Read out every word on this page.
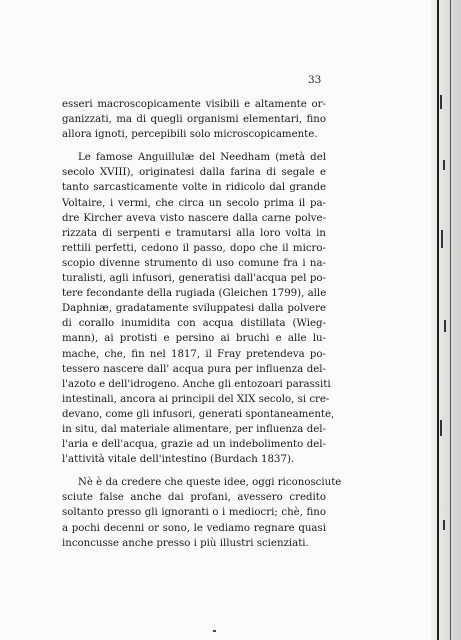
33
esseri macroscopicamente visibili e altamente or-
ganizzati, ma di quegli organismi elementari, fino
allora ignoti, percepibili solo microscopicamente.
Le famose Anguillulæ del Needham (metà del
secolo XVIII), originatesi dalla farina di segale e
tanto sarcasticamente volte in ridicolo dal grande
Voltaire, i vermi, che circa un secolo prima il pa-
dre Kircher aveva visto nascere dalla carne polve-
rizzata di serpenti e tramutarsi alla loro volta in
rettili perfetti, cedono il passo, dopo che il micro-
scopio divenne strumento di uso comune fra i na-
turalisti, agli infusori, generatisi dall'acqua pel po-
tere fecondante della rugiada (Gleichen 1799), alle
Daphniæ, gradatamente sviluppatesi dalla polvere
di corallo inumidita con acqua distillata (Wieg-
mann), ai protisti e persino ai bruchi e alle lu-
mache, che, fin nel 1817, il Fray pretendeva po-
tessero nascere dall' acqua pura per influenza del-
l'azoto e dell'idrogeno. Anche gli entozoari parassiti
intestinali, ancora ai principii del XIX secolo, si cre-
devano, come gli infusori, generati spontaneamente,
in situ, dal materiale alimentare, per influenza del-
l'aria e dell'acqua, grazie ad un indebolimento del-
l'attività vitale dell'intestino (Burdach 1837).
Nè è da credere che queste idee, oggi riconosciute
sciute false anche dai profani, avessero credito
soltanto presso gli ignoranti o i mediocri; chè, fino
a pochi decenni or sono, le vediamo regnare quasi
inconcusse anche presso i più illustri scienziati.
